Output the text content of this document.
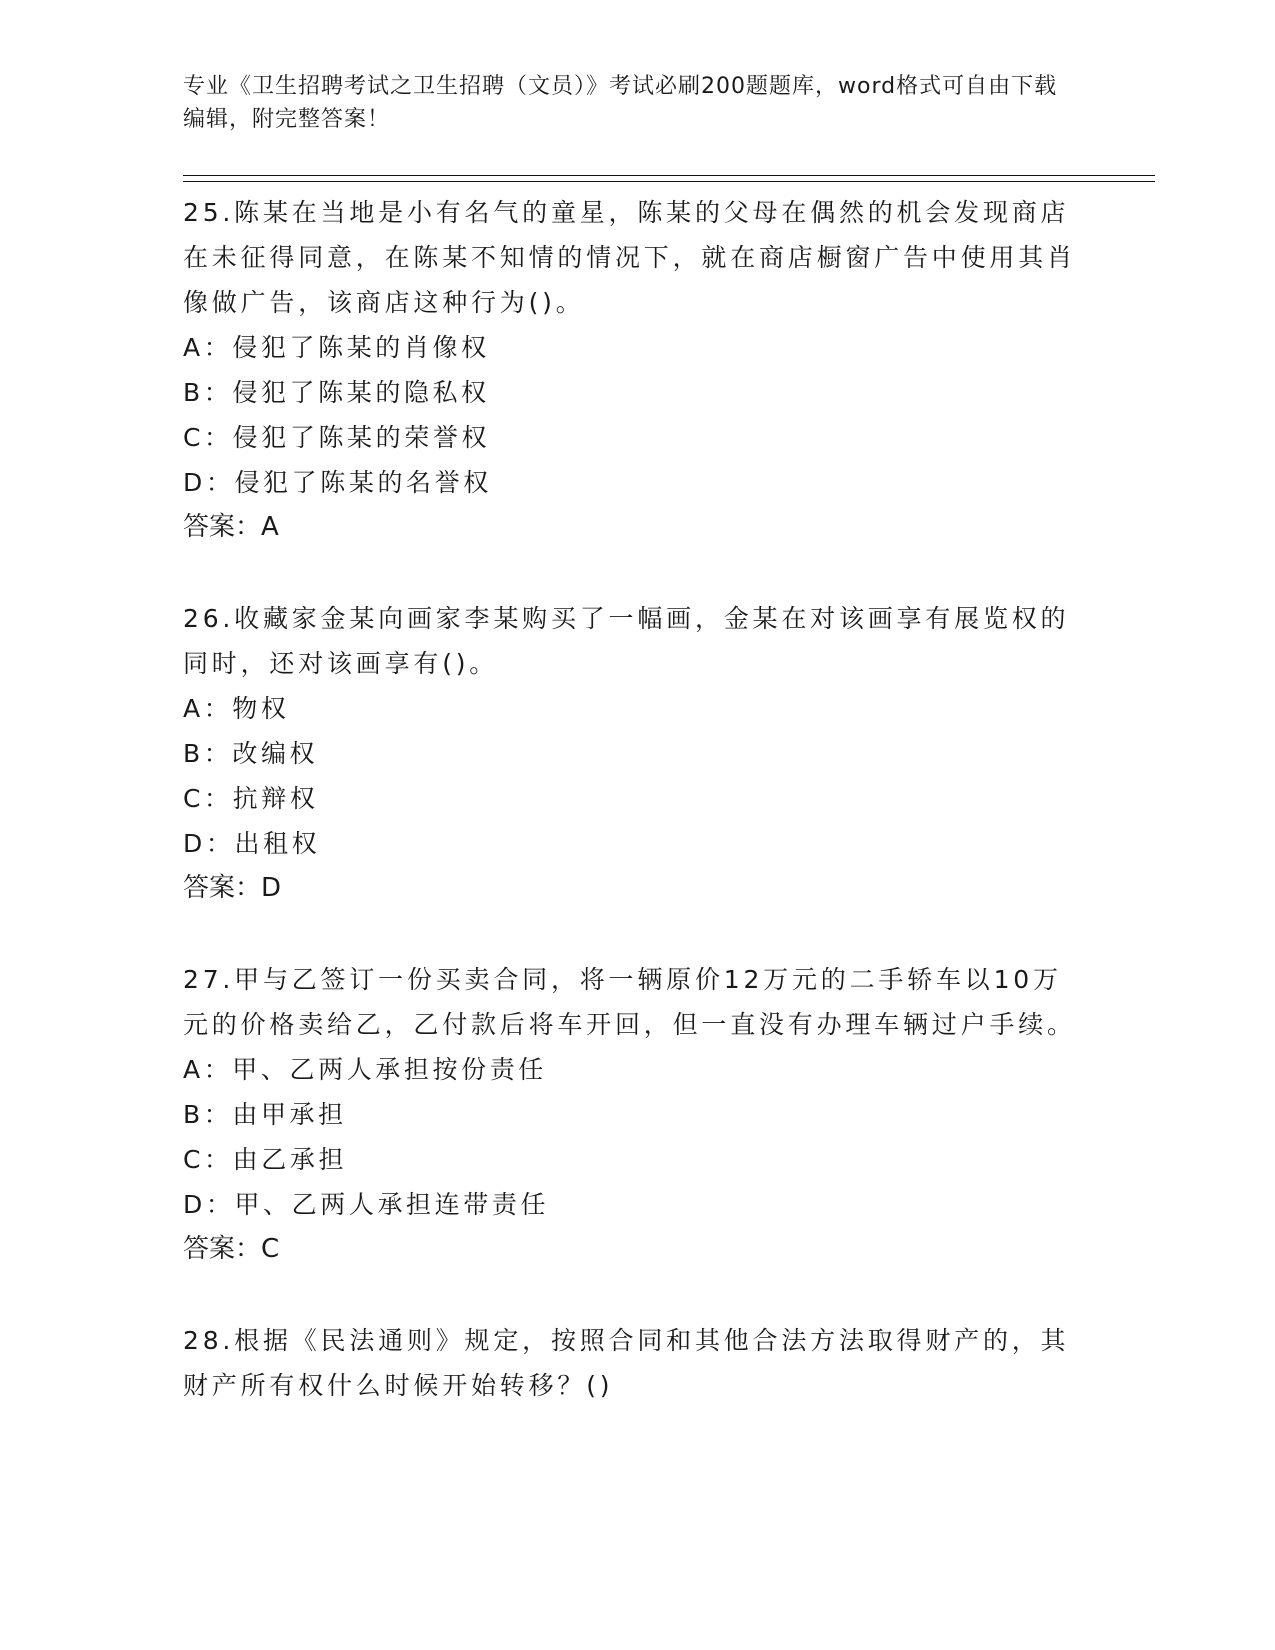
专业《卫生招聘考试之卫生招聘（文员）》考试必刷200题题库，word格式可自由下载编辑，附完整答案！

25.陈某在当地是小有名气的童星，陈某的父母在偶然的机会发现商店在未征得同意，在陈某不知情的情况下，就在商店橱窗广告中使用其肖像做广告，该商店这种行为()。

A：侵犯了陈某的肖像权

B：侵犯了陈某的隐私权

C：侵犯了陈某的荣誉权

D：侵犯了陈某的名誉权

答案：A

26.收藏家金某向画家李某购买了一幅画，金某在对该画享有展览权的同时，还对该画享有()。

A：物权

B：改编权

C：抗辩权

D：出租权

答案：D

27.甲与乙签订一份买卖合同，将一辆原价12万元的二手轿车以10万元的价格卖给乙，乙付款后将车开回，但一直没有办理车辆过户手续。

A：甲、乙两人承担按份责任

B：由甲承担

C：由乙承担

D：甲、乙两人承担连带责任

答案：C

28.根据《民法通则》规定，按照合同和其他合法方法取得财产的，其财产所有权什么时候开始转移？()
